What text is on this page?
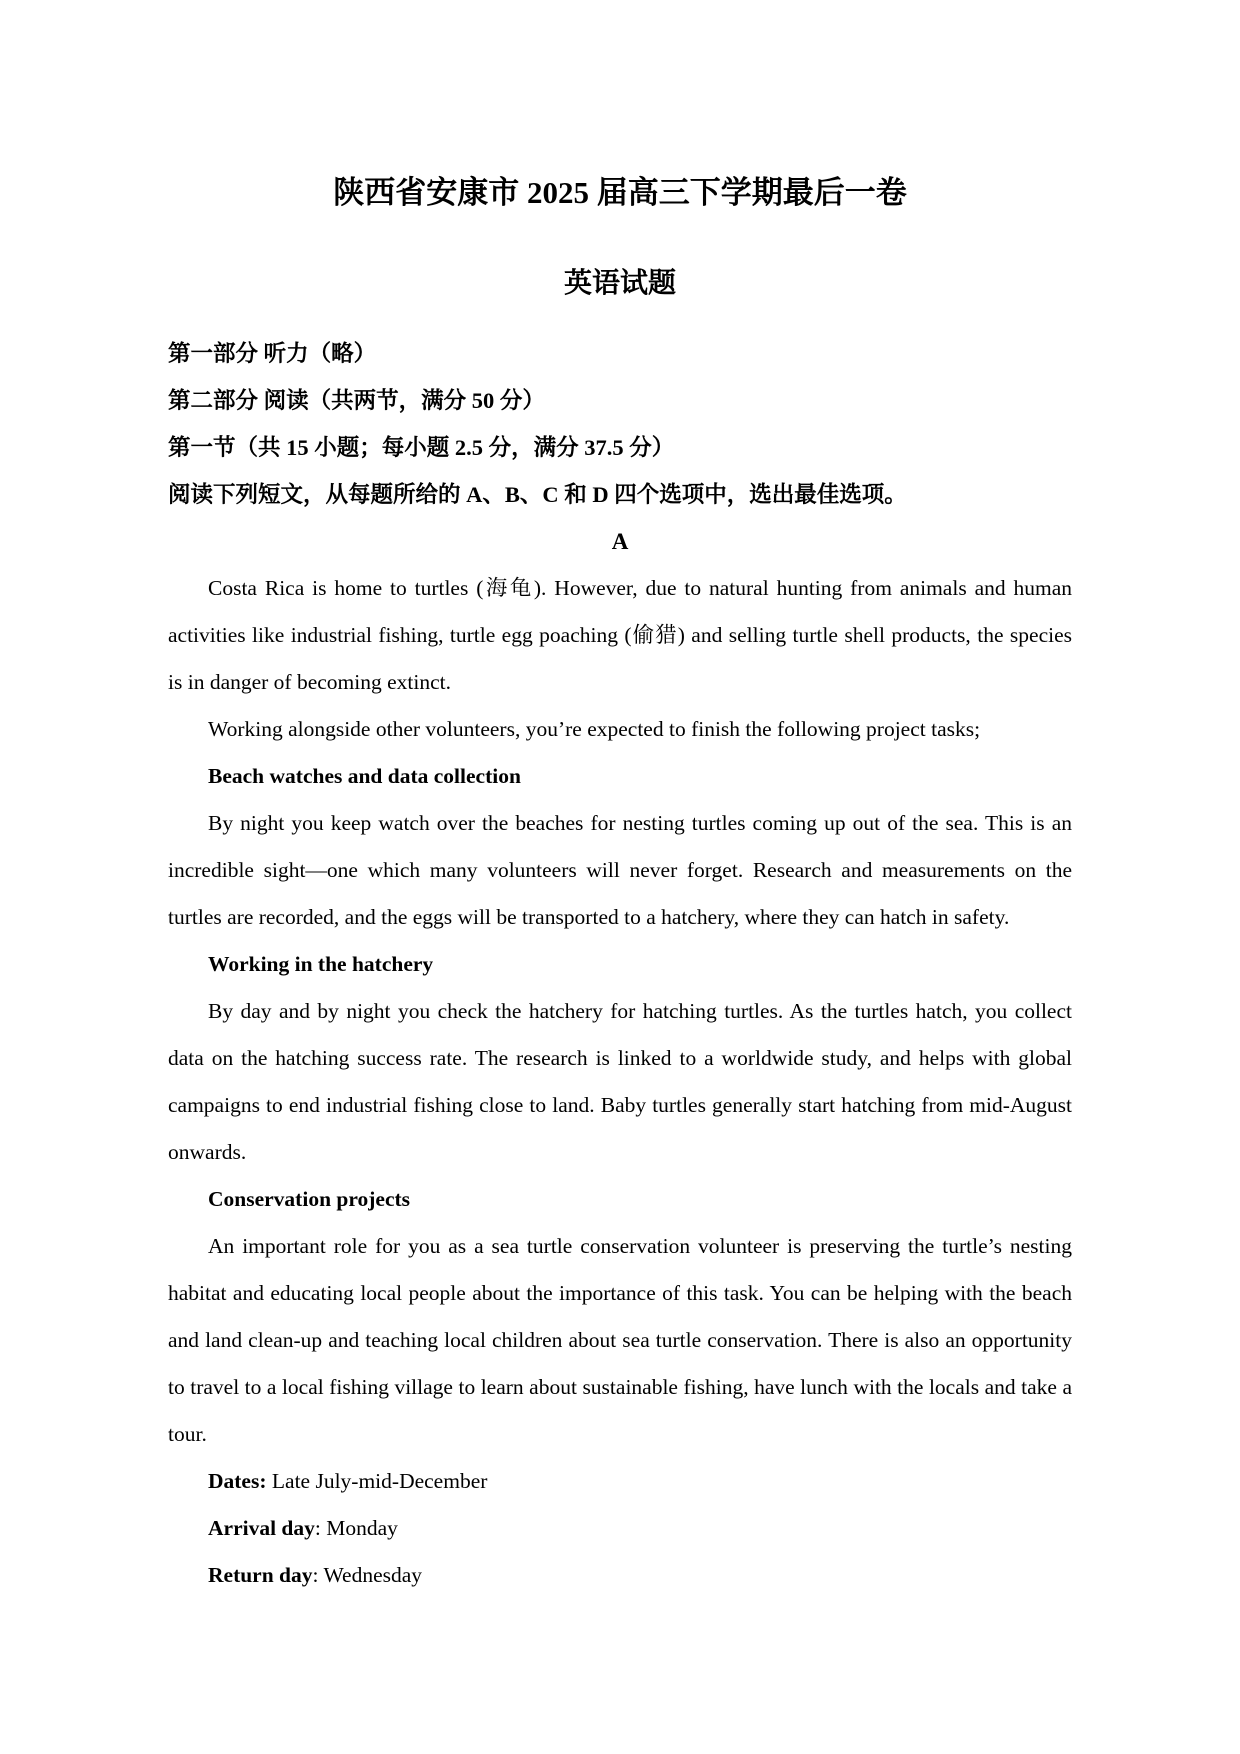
陕西省安康市 2025 届高三下学期最后一卷
英语试题

第一部分 听力（略）

第二部分 阅读（共两节，满分 50 分）

第一节（共 15 小题；每小题 2.5 分，满分 37.5 分）

阅读下列短文，从每题所给的 A、B、C 和 D 四个选项中，选出最佳选项。

A

Costa Rica is home to turtles (海龟). However, due to natural hunting from animals and human activities like industrial fishing, turtle egg poaching (偷猎) and selling turtle shell products, the species is in danger of becoming extinct.

Working alongside other volunteers, you’re expected to finish the following project tasks;

Beach watches and data collection

By night you keep watch over the beaches for nesting turtles coming up out of the sea. This is an incredible sight—one which many volunteers will never forget. Research and measurements on the turtles are recorded, and the eggs will be transported to a hatchery, where they can hatch in safety.

Working in the hatchery

By day and by night you check the hatchery for hatching turtles. As the turtles hatch, you collect data on the hatching success rate. The research is linked to a worldwide study, and helps with global campaigns to end industrial fishing close to land. Baby turtles generally start hatching from mid-August onwards.

Conservation projects

An important role for you as a sea turtle conservation volunteer is preserving the turtle’s nesting habitat and educating local people about the importance of this task. You can be helping with the beach and land clean-up and teaching local children about sea turtle conservation. There is also an opportunity to travel to a local fishing village to learn about sustainable fishing, have lunch with the locals and take a tour.

Dates: Late July-mid-December

Arrival day: Monday

Return day: Wednesday
